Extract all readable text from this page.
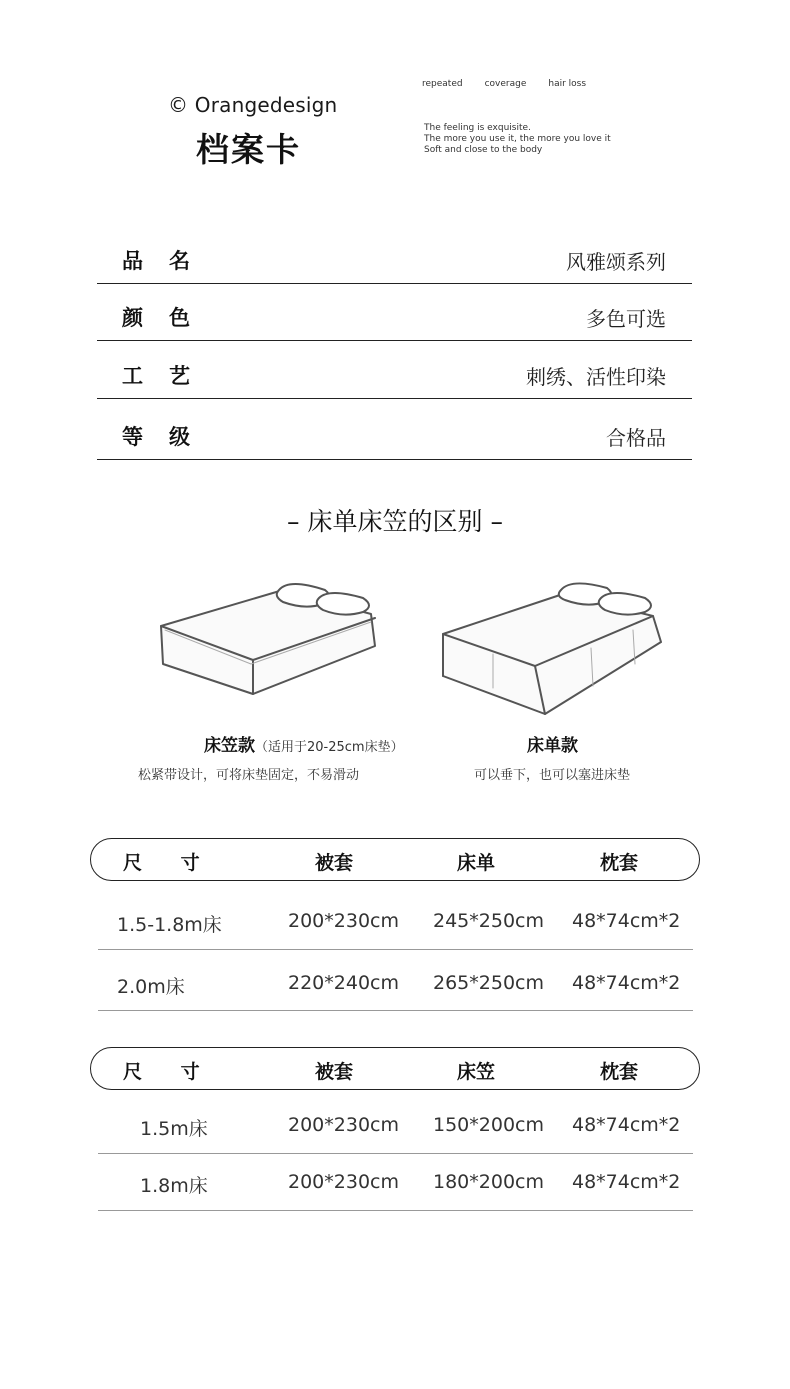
© Orangedesign
档案卡
repeated coverage hair loss
The feeling is exquisite.
The more you use it, the more you love it
Soft and close to the body
品名	风雅颂系列
颜色	多色可选
工艺	刺绣、活性印染
等级	合格品
– 床单床笠的区别 –
床笠款（适用于20-25cm床垫）
松紧带设计，可将床垫固定，不易滑动
床单款
可以垂下，也可以塞进床垫
尺 寸	被套	床单	枕套
1.5-1.8m床	200*230cm 245*250cm 48*74cm*2
2.0m床	220*240cm 265*250cm 48*74cm*2
尺 寸	被套	床笠	枕套
1.5m床	200*230cm 150*200cm 48*74cm*2
1.8m床	200*230cm 180*200cm 48*74cm*2
